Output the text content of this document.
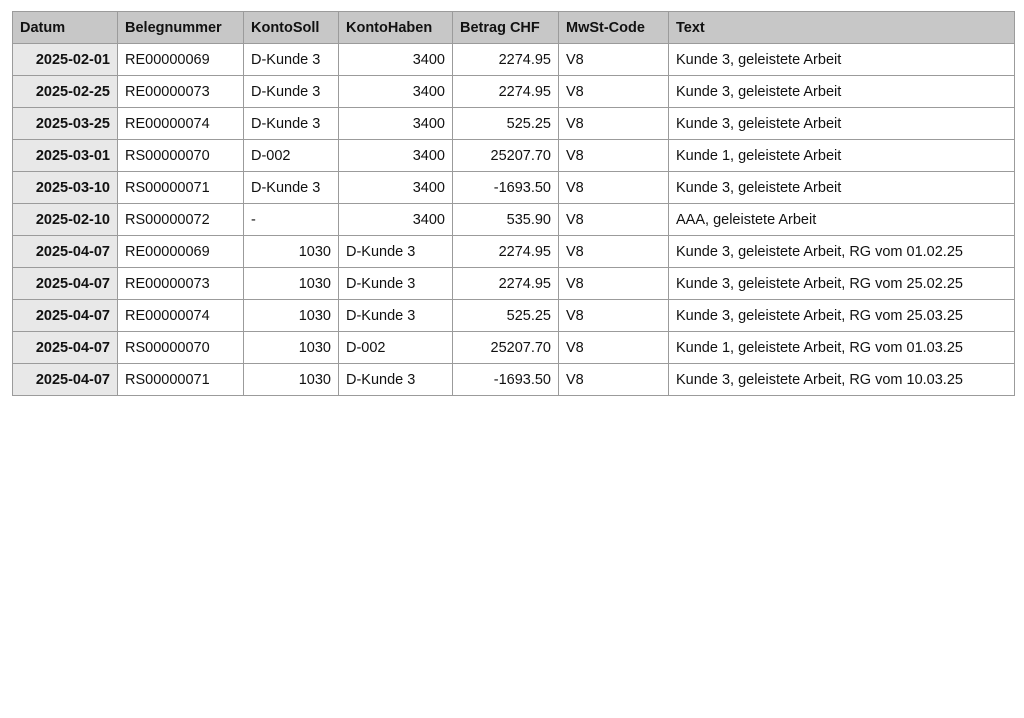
Datum	Belegnummer	KontoSoll	KontoHaben	Betrag CHF	MwSt-Code	Text
2025-02-01	RE00000069	D-Kunde 3	3400	2274.95	V8	Kunde 3, geleistete Arbeit
2025-02-25	RE00000073	D-Kunde 3	3400	2274.95	V8	Kunde 3, geleistete Arbeit
2025-03-25	RE00000074	D-Kunde 3	3400	525.25	V8	Kunde 3, geleistete Arbeit
2025-03-01	RS00000070	D-002	3400	25207.70	V8	Kunde 1, geleistete Arbeit
2025-03-10	RS00000071	D-Kunde 3	3400	-1693.50	V8	Kunde 3, geleistete Arbeit
2025-02-10	RS00000072	-	3400	535.90	V8	AAA, geleistete Arbeit
2025-04-07	RE00000069	1030	D-Kunde 3	2274.95	V8	Kunde 3, geleistete Arbeit, RG vom 01.02.25
2025-04-07	RE00000073	1030	D-Kunde 3	2274.95	V8	Kunde 3, geleistete Arbeit, RG vom 25.02.25
2025-04-07	RE00000074	1030	D-Kunde 3	525.25	V8	Kunde 3, geleistete Arbeit, RG vom 25.03.25
2025-04-07	RS00000070	1030	D-002	25207.70	V8	Kunde 1, geleistete Arbeit, RG vom 01.03.25
2025-04-07	RS00000071	1030	D-Kunde 3	-1693.50	V8	Kunde 3, geleistete Arbeit, RG vom 10.03.25
